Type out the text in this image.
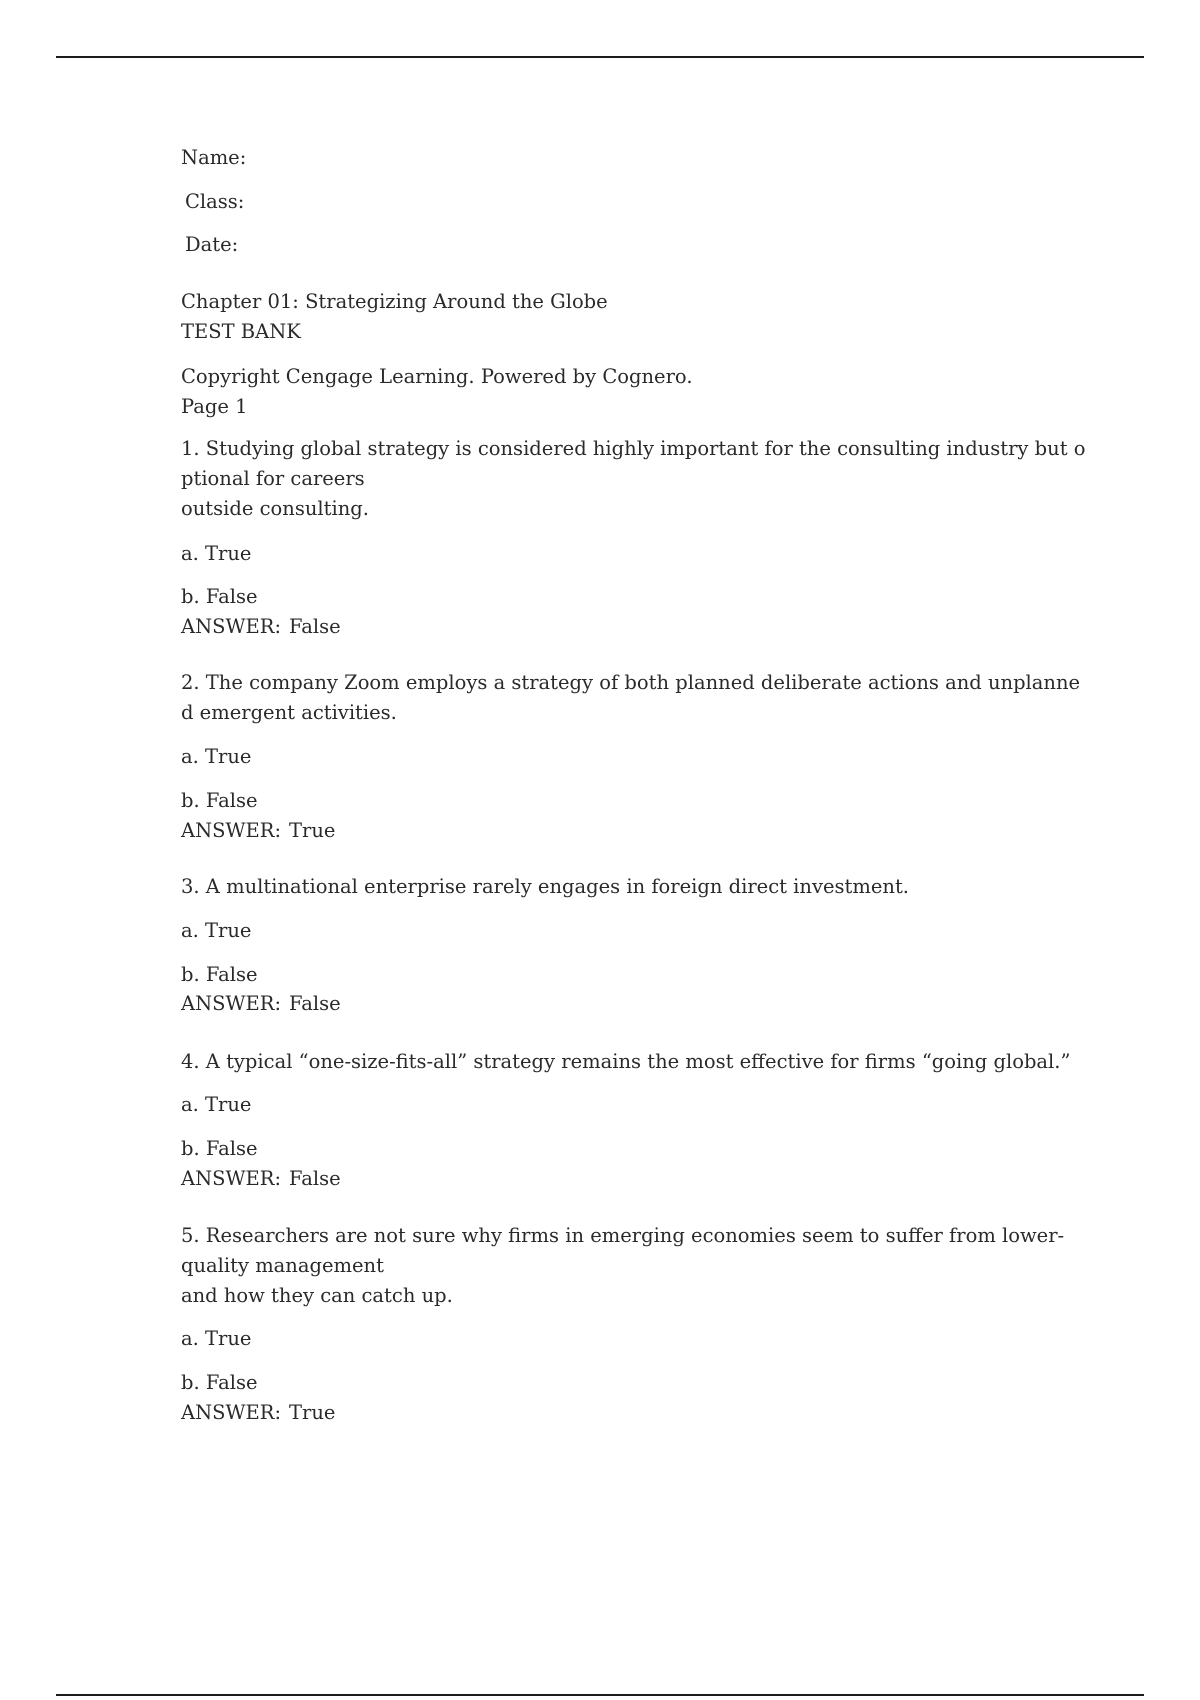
Name:
Class:
Date:
Chapter 01: Strategizing Around the Globe
TEST BANK
Copyright Cengage Learning. Powered by Cognero.
Page 1
1. Studying global strategy is considered highly important for the consulting industry but o
ptional for careers
outside consulting.
a. True
b. False
ANSWER: False
2. The company Zoom employs a strategy of both planned deliberate actions and unplanne
d emergent activities.
a. True
b. False
ANSWER: True
3. A multinational enterprise rarely engages in foreign direct investment.
a. True
b. False
ANSWER: False
4. A typical “one-size-fits-all” strategy remains the most effective for firms “going global.”
a. True
b. False
ANSWER: False
5. Researchers are not sure why firms in emerging economies seem to suffer from lower-
quality management
and how they can catch up.
a. True
b. False
ANSWER: True
